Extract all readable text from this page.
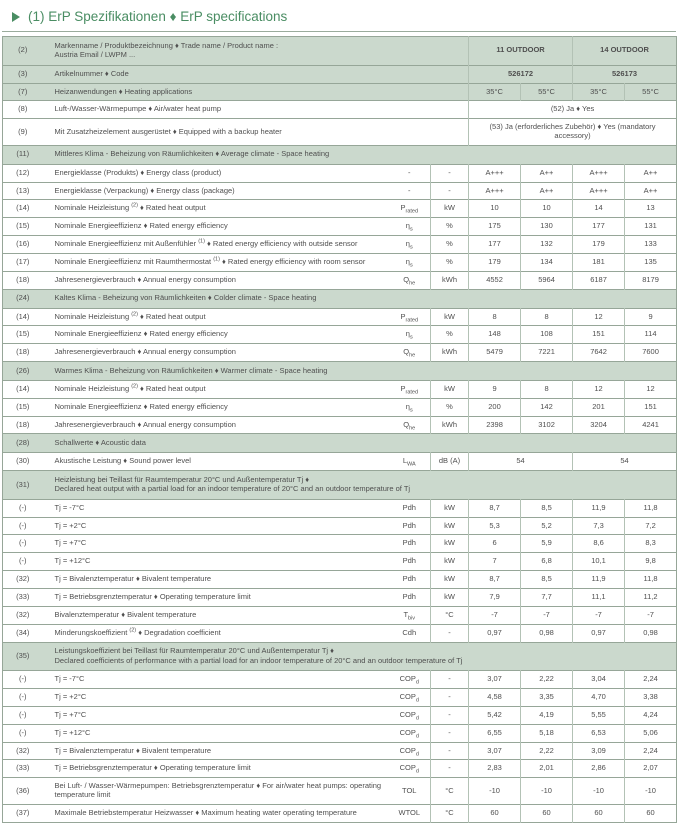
(1) ErP Spezifikationen ♦ ErP specifications
(2)	Markenname / Produktbezeichnung ♦ Trade name / Product name :
Austria Email / LWPM ...			11 OUTDOOR		14 OUTDOOR	
(3)	Artikelnummer ♦ Code			526172		526173	
(7)	Heizanwendungen ♦ Heating applications			35°C	55°C	35°C	55°C
(8)	Luft-/Wasser-Wärmepumpe ♦ Air/water heat pump			(52) Ja ♦ Yes			
(9)	Mit Zusatzheizelement ausgerüstet ♦ Equipped with a backup heater			(53) Ja (erforderliches Zubehör) ♦ Yes (mandatory accessory)			
(11)	Mittleres Klima - Beheizung von Räumlichkeiten ♦ Average climate - Space heating						

(12)	Energieklasse (Produkts) ♦ Energy class (product)	-	-	A+++	A++	A+++	A++
(13)	Energieklasse (Verpackung) ♦ Energy class (package)	-	-	A+++	A++	A+++	A++
(14)	Nominale Heizleistung $^{(2)}$ ♦ Rated heat output	$P_{rated}$	kW	10	10	14	13
(15)	Nominale Energieeffizienz ♦ Rated energy efficiency	$\eta_s$	%	175	130	177	131
(16)	Nominale Energieeffizienz mit Außenfühler $^{(1)}$ ♦ Rated energy efficiency with outside sensor	$\eta_s$	%	177	132	179	133
(17)	Nominale Energieeffizienz mit Raumthermostat $^{(1)}$ ♦ Rated energy efficiency with room sensor	$\eta_s$	%	179	134	181	135
(18)	Jahresenergieverbrauch ♦ Annual energy consumption	$Q_{he}$	kWh	4552	5964	6187	8179
(24)	Kaltes Klima - Beheizung von Räumlichkeiten ♦ Colder climate - Space heating						

(14)	Nominale Heizleistung $^{(2)}$ ♦ Rated heat output	$P_{rated}$	kW	8	8	12	9
(15)	Nominale Energieeffizienz ♦ Rated energy efficiency	$\eta_s$	%	148	108	151	114
(18)	Jahresenergieverbrauch ♦ Annual energy consumption	$Q_{he}$	kWh	5479	7221	7642	7600
(26)	Warmes Klima - Beheizung von Räumlichkeiten ♦ Warmer climate - Space heating						

(14)	Nominale Heizleistung $^{(2)}$ ♦ Rated heat output	$P_{rated}$	kW	9	8	12	12
(15)	Nominale Energieeffizienz ♦ Rated energy efficiency	$\eta_s$	%	200	142	201	151
(18)	Jahresenergieverbrauch ♦ Annual energy consumption	$Q_{he}$	kWh	2398	3102	3204	4241
(28)	Schallwerte ♦ Acoustic data						

(30)	Akustische Leistung ♦ Sound power level	$L_{WA}$	dB (A)	54		54	
(31)	Heizleistung bei Teillast für Raumtemperatur 20°C und Außentemperatur Tj ♦
Declared heat output with a partial load for an indoor temperature of 20°C and an outdoor temperature of Tj						

(-)	Tj = -7°C	Pdh	kW	8,7	8,5	11,9	11,8
(-)	Tj = +2°C	Pdh	kW	5,3	5,2	7,3	7,2
(-)	Tj = +7°C	Pdh	kW	6	5,9	8,6	8,3
(-)	Tj = +12°C	Pdh	kW	7	6,8	10,1	9,8
(32)	Tj = Bivalenztemperatur ♦ Bivalent temperature	Pdh	kW	8,7	8,5	11,9	11,8
(33)	Tj = Betriebsgrenztemperatur ♦ Operating temperature limit	Pdh	kW	7,9	7,7	11,1	11,2
(32)	Bivalenztemperatur ♦ Bivalent temperature	$T_{biv}$	°C	-7	-7	-7	-7
(34)	Minderungskoeffizient $^{(2)}$ ♦ Degradation coefficient	Cdh	-	0,97	0,98	0,97	0,98
(35)	Leistungskoeffizient bei Teillast für Raumtemperatur 20°C und Außentemperatur Tj ♦
Declared coefficients of performance with a partial load for an indoor temperature of 20°C and an outdoor temperature of Tj						

(-)	Tj = -7°C	$COP_d$	-	3,07	2,22	3,04	2,24
(-)	Tj = +2°C	$COP_d$	-	4,58	3,35	4,70	3,38
(-)	Tj = +7°C	$COP_d$	-	5,42	4,19	5,55	4,24
(-)	Tj = +12°C	$COP_d$	-	6,55	5,18	6,53	5,06
(32)	Tj = Bivalenztemperatur ♦ Bivalent temperature	$COP_d$	-	3,07	2,22	3,09	2,24
(33)	Tj = Betriebsgrenztemperatur ♦ Operating temperature limit	$COP_d$	-	2,83	2,01	2,86	2,07
(36)	Bei Luft- / Wasser-Wärmepumpen: Betriebsgrenztemperatur ♦ For air/water heat pumps: operating temperature limit	TOL	°C	-10	-10	-10	-10
(37)	Maximale Betriebstemperatur Heizwasser ♦ Maximum heating water operating temperature	WTOL	°C	60	60	60	60
